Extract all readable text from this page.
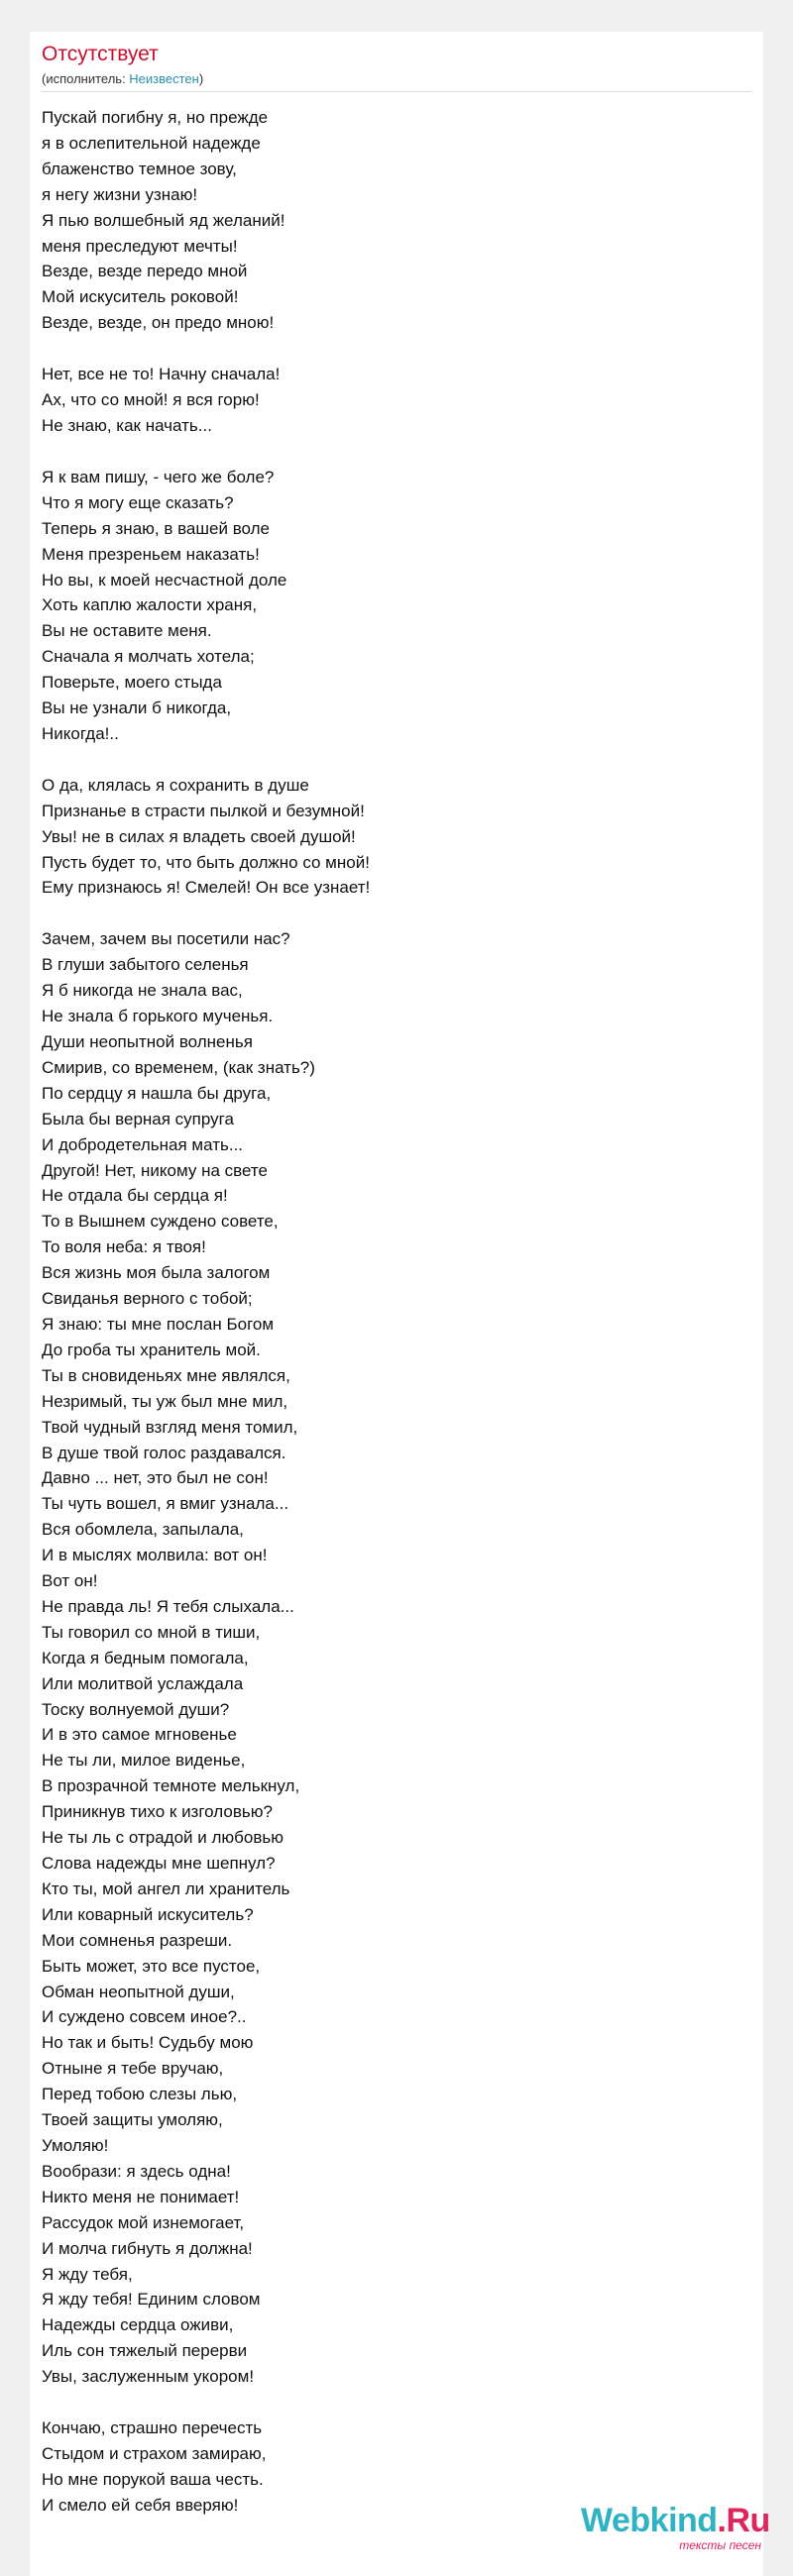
Отсутствует
(исполнитель: Неизвестен)
Пускай погибну я, но прежде
я в ослепительной надежде
блаженство темное зову,
я негу жизни узнаю!
Я пью волшебный яд желаний!
меня преследуют мечты!
Везде, везде передо мной
Мой искуситель роковой!
Везде, везде, он предо мною!
Нет, все не то! Начну сначала!
Ах, что со мной! я вся горю!
Не знаю, как начать...
Я к вам пишу, - чего же боле?
Что я могу еще сказать?
Теперь я знаю, в вашей воле
Меня презреньем наказать!
Но вы, к моей несчастной доле
Хоть каплю жалости храня,
Вы не оставите меня.
Сначала я молчать хотела;
Поверьте, моего стыда
Вы не узнали б никогда,
Никогда!..
О да, клялась я сохранить в душе
Признанье в страсти пылкой и безумной!
Увы! не в силах я владеть своей душой!
Пусть будет то, что быть должно со мной!
Ему признаюсь я! Смелей! Он все узнает!
Зачем, зачем вы посетили нас?
В глуши забытого селенья
Я б никогда не знала вас,
Не знала б горького мученья.
Души неопытной волненья
Смирив, со временем, (как знать?)
По сердцу я нашла бы друга,
Была бы верная супруга
И добродетельная мать...
Другой! Нет, никому на свете
Не отдала бы сердца я!
То в Вышнем суждено совете,
То воля неба: я твоя!
Вся жизнь моя была залогом
Свиданья верного с тобой;
Я знаю: ты мне послан Богом
До гроба ты хранитель мой.
Ты в сновиденьях мне являлся,
Незримый, ты уж был мне мил,
Твой чудный взгляд меня томил,
В душе твой голос раздавался.
Давно ... нет, это был не сон!
Ты чуть вошел, я вмиг узнала...
Вся обомлела, запылала,
И в мыслях молвила: вот он!
Вот он!
Не правда ль! Я тебя слыхала...
Ты говорил со мной в тиши,
Когда я бедным помогала,
Или молитвой услаждала
Тоску волнуемой души?
И в это самое мгновенье
Не ты ли, милое виденье,
В прозрачной темноте мелькнул,
Приникнув тихо к изголовью?
Не ты ль с отрадой и любовью
Слова надежды мне шепнул?
Кто ты, мой ангел ли хранитель
Или коварный искуситель?
Мои сомненья разреши.
Быть может, это все пустое,
Обман неопытной души,
И суждено совсем иное?..
Но так и быть! Судьбу мою
Отныне я тебе вручаю,
Перед тобою слезы лью,
Твоей защиты умоляю,
Умоляю!
Вообрази: я здесь одна!
Никто меня не понимает!
Рассудок мой изнемогает,
И молча гибнуть я должна!
Я жду тебя,
Я жду тебя! Единим словом
Надежды сердца оживи,
Иль сон тяжелый перерви
Увы, заслуженным укором!
Кончаю, страшно перечесть
Стыдом и страхом замираю,
Но мне порукой ваша честь.
И смело ей себя вверяю!	Webkind.Ru
тексты песен
